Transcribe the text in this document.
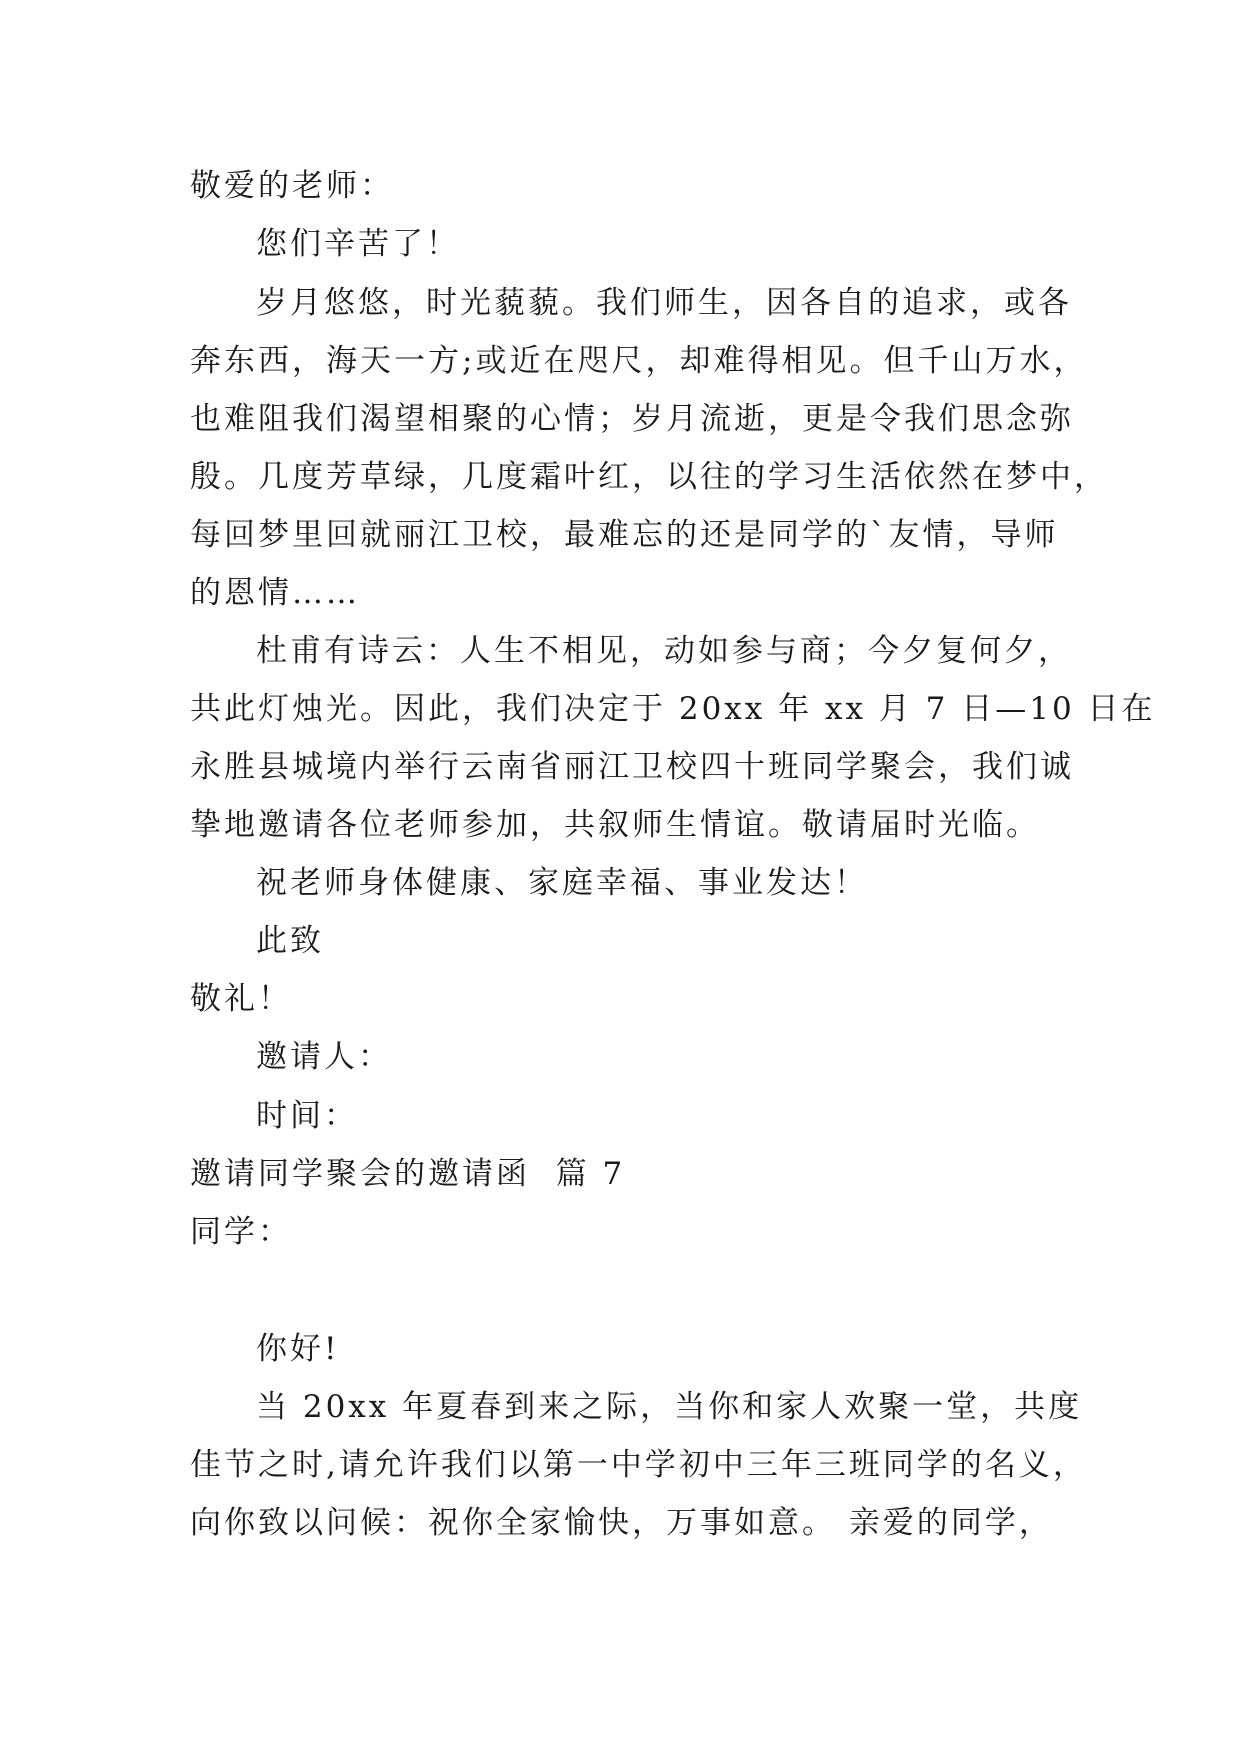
敬爱的老师：
您们辛苦了！
岁月悠悠，时光藐藐。我们师生，因各自的追求，或各
奔东西，海天一方;或近在咫尺，却难得相见。但千山万水，
也难阻我们渴望相聚的心情；岁月流逝，更是令我们思念弥
殷。几度芳草绿，几度霜叶红，以往的学习生活依然在梦中，
每回梦里回就丽江卫校，最难忘的还是同学的`友情，导师
的恩情……
杜甫有诗云：人生不相见，动如参与商；今夕复何夕，
共此灯烛光。因此，我们决定于 20xx 年 xx 月 7 日—10 日在
永胜县城境内举行云南省丽江卫校四十班同学聚会，我们诚
挚地邀请各位老师参加，共叙师生情谊。敬请届时光临。
祝老师身体健康、家庭幸福、事业发达！
此致
敬礼！
邀请人：
时间：
邀请同学聚会的邀请函  篇 7
同学：
你好!
当 20xx 年夏春到来之际，当你和家人欢聚一堂，共度
佳节之时,请允许我们以第一中学初中三年三班同学的名义，
向你致以问候：祝你全家愉快，万事如意。 亲爱的同学，
